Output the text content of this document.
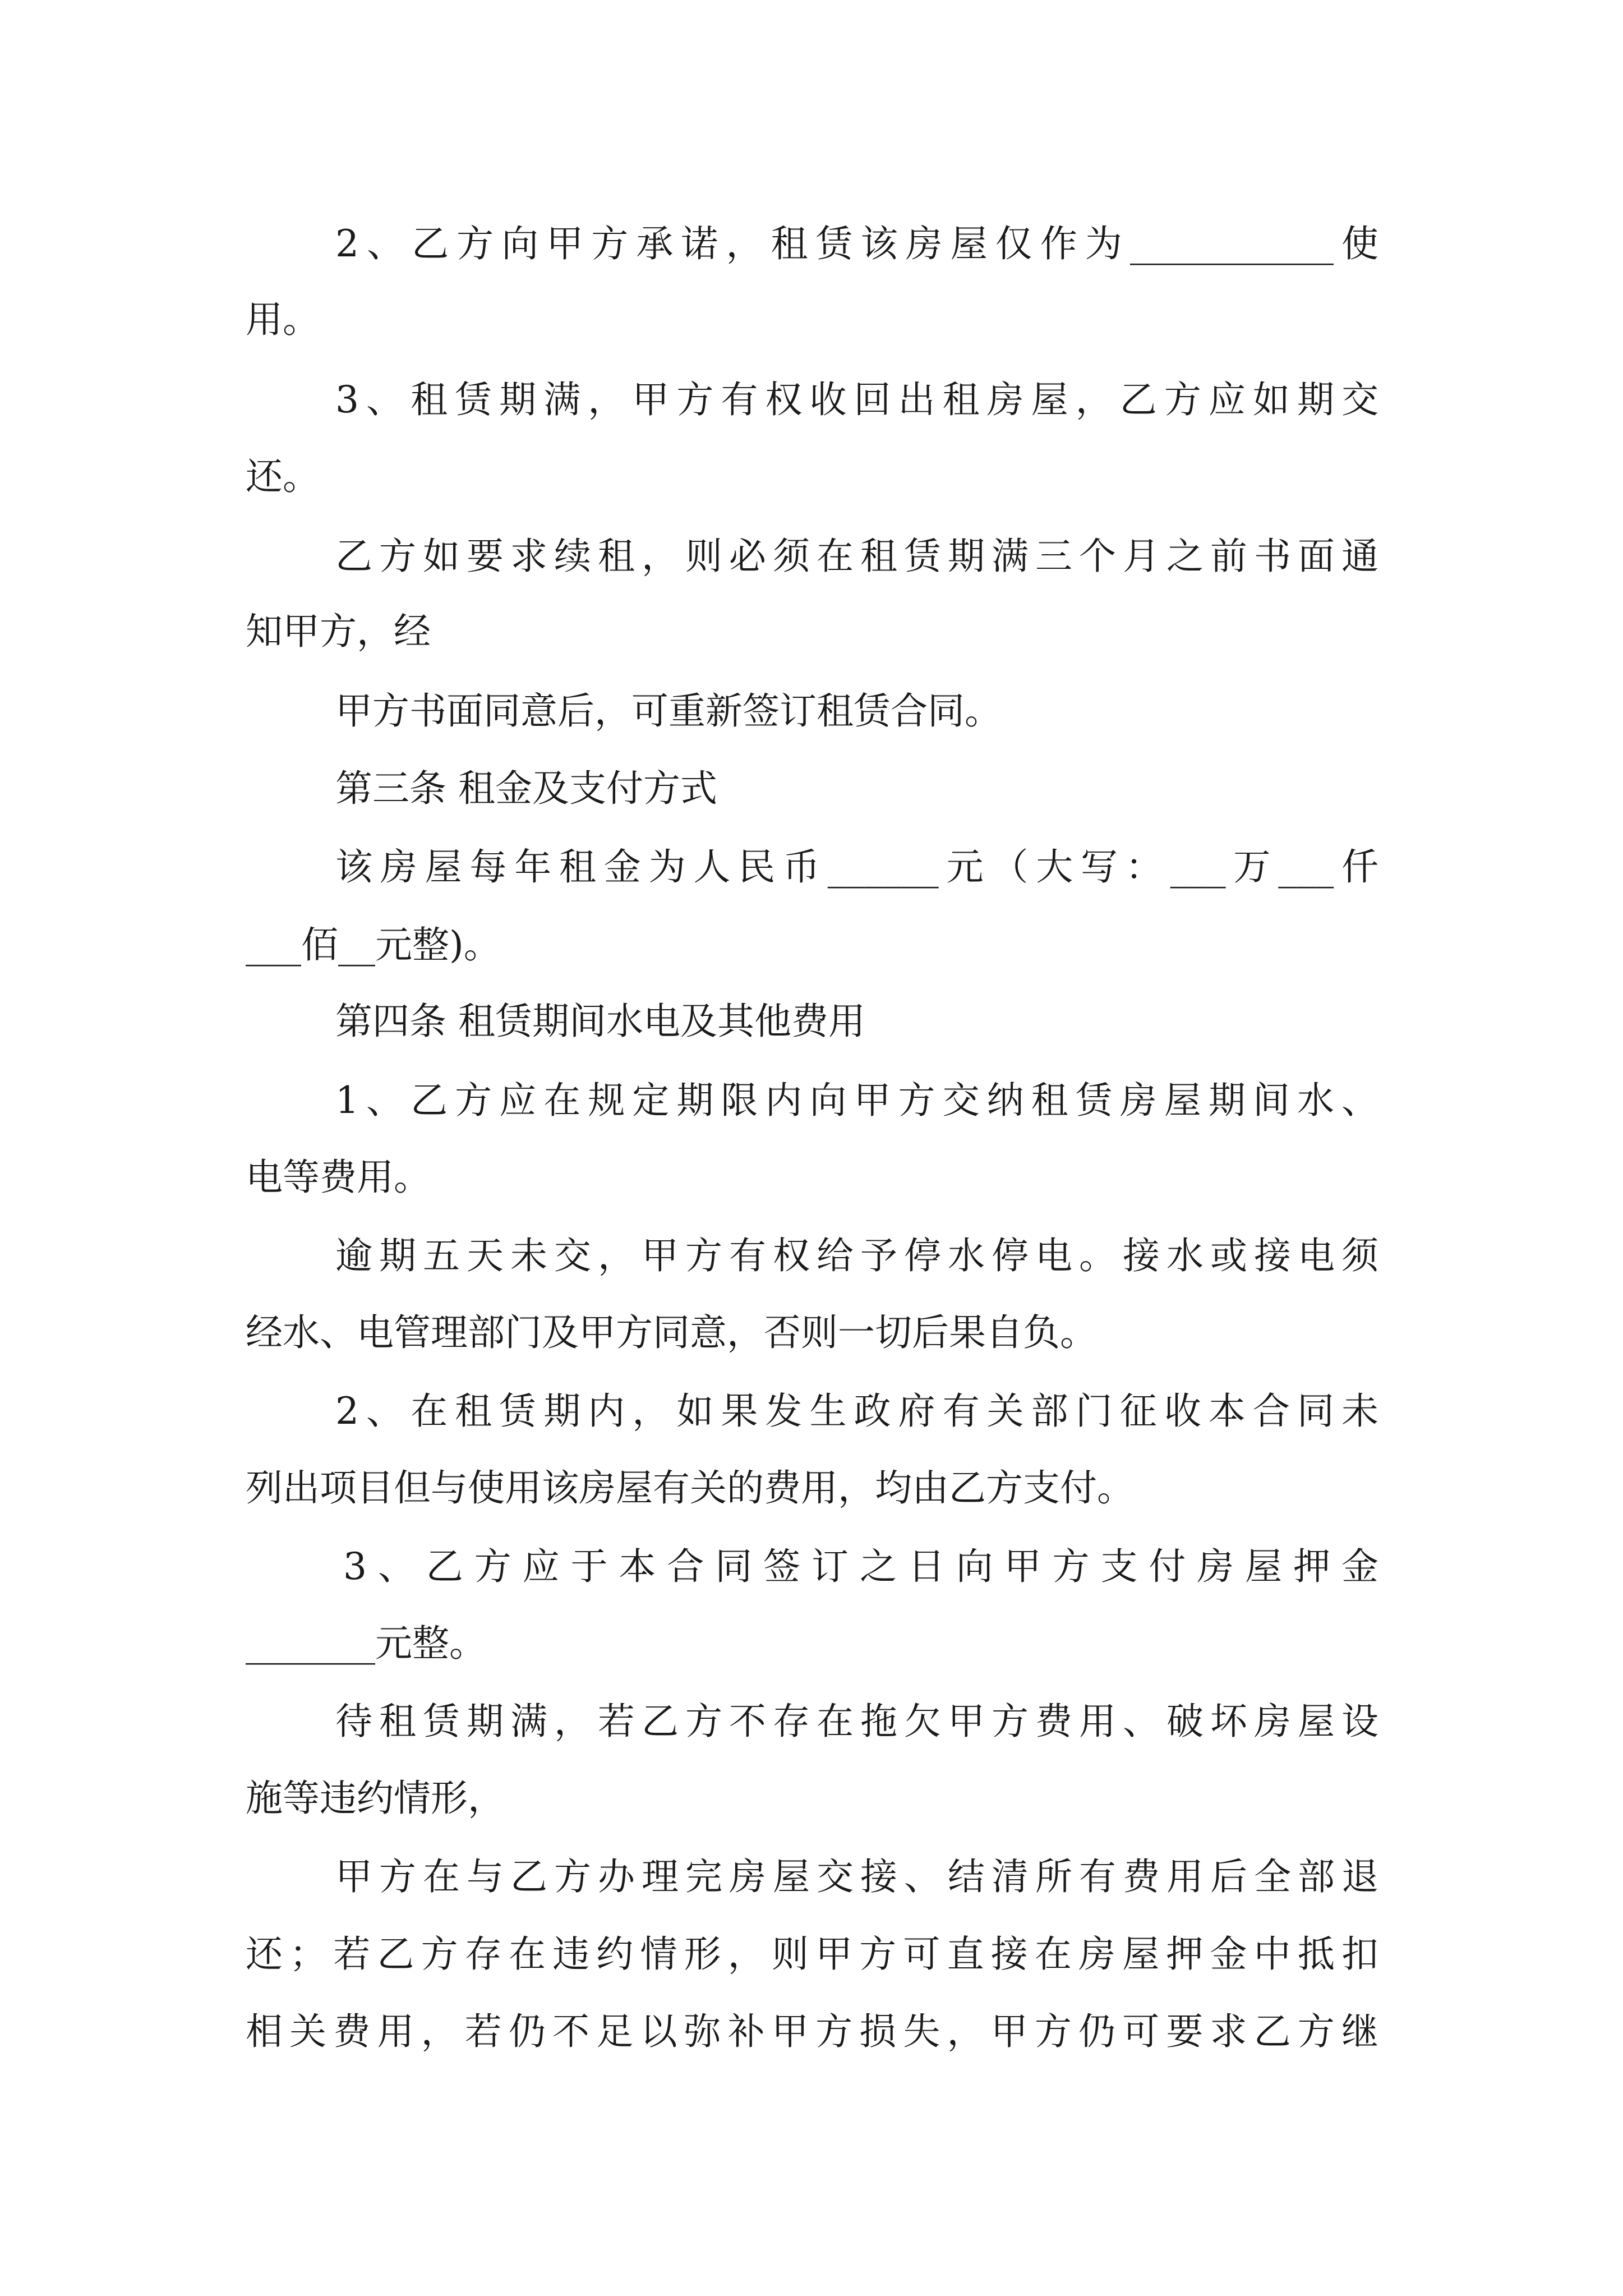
2、乙方向甲方承诺，租赁该房屋仅作为___________使

用。

3、租赁期满，甲方有权收回出租房屋，乙方应如期交

还。

乙方如要求续租，则必须在租赁期满三个月之前书面通

知甲方，经

甲方书面同意后，可重新签订租赁合同。

第三条 租金及支付方式

该房屋每年租金为人民币______元（大写：___万___仟

___佰__元整)。

第四条 租赁期间水电及其他费用

1、乙方应在规定期限内向甲方交纳租赁房屋期间水、

电等费用。

逾期五天未交，甲方有权给予停水停电。接水或接电须

经水、电管理部门及甲方同意，否则一切后果自负。

2、在租赁期内，如果发生政府有关部门征收本合同未

列出项目但与使用该房屋有关的费用，均由乙方支付。

3、乙方应于本合同签订之日向甲方支付房屋押金

_______元整。

待租赁期满，若乙方不存在拖欠甲方费用、破坏房屋设

施等违约情形，

甲方在与乙方办理完房屋交接、结清所有费用后全部退

还；若乙方存在违约情形，则甲方可直接在房屋押金中抵扣

相关费用，若仍不足以弥补甲方损失，甲方仍可要求乙方继
